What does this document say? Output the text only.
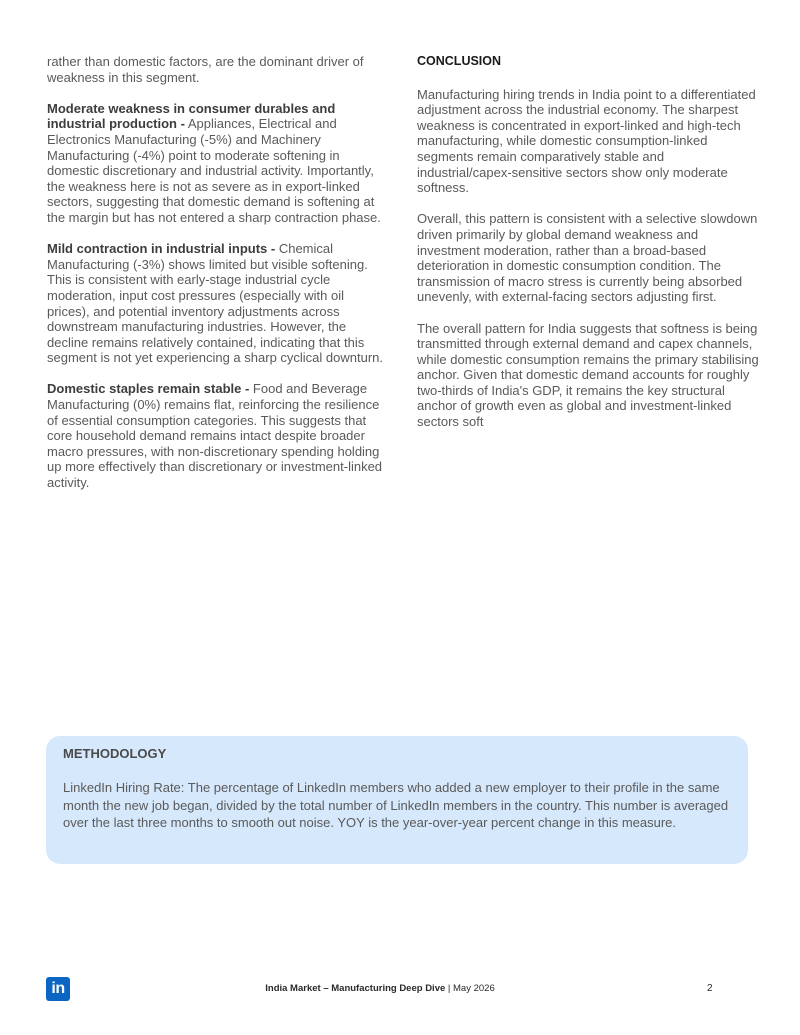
rather than domestic factors, are the dominant driver of weakness in this segment.

Moderate weakness in consumer durables and industrial production - Appliances, Electrical and Electronics Manufacturing (-5%) and Machinery Manufacturing (-4%) point to moderate softening in domestic discretionary and industrial activity. Importantly, the weakness here is not as severe as in export-linked sectors, suggesting that domestic demand is softening at the margin but has not entered a sharp contraction phase.

Mild contraction in industrial inputs - Chemical Manufacturing (-3%) shows limited but visible softening. This is consistent with early-stage industrial cycle moderation, input cost pressures (especially with oil prices), and potential inventory adjustments across downstream manufacturing industries. However, the decline remains relatively contained, indicating that this segment is not yet experiencing a sharp cyclical downturn.

Domestic staples remain stable - Food and Beverage Manufacturing (0%) remains flat, reinforcing the resilience of essential consumption categories. This suggests that core household demand remains intact despite broader macro pressures, with non-discretionary spending holding up more effectively than discretionary or investment-linked activity.

CONCLUSION

Manufacturing hiring trends in India point to a differentiated adjustment across the industrial economy. The sharpest weakness is concentrated in export-linked and high-tech manufacturing, while domestic consumption-linked segments remain comparatively stable and industrial/capex-sensitive sectors show only moderate softness.

Overall, this pattern is consistent with a selective slowdown driven primarily by global demand weakness and investment moderation, rather than a broad-based deterioration in domestic consumption condition. The transmission of macro stress is currently being absorbed unevenly, with external-facing sectors adjusting first.

The overall pattern for India suggests that softness is being transmitted through external demand and capex channels, while domestic consumption remains the primary stabilising anchor. Given that domestic demand accounts for roughly two-thirds of India's GDP, it remains the key structural anchor of growth even as global and investment-linked sectors soft

METHODOLOGY
LinkedIn Hiring Rate: The percentage of LinkedIn members who added a new employer to their profile in the same month the new job began, divided by the total number of LinkedIn members in the country. This number is averaged over the last three months to smooth out noise. YOY is the year-over-year percent change in this measure.
in	India Market – Manufacturing Deep Dive | May 2026	2
